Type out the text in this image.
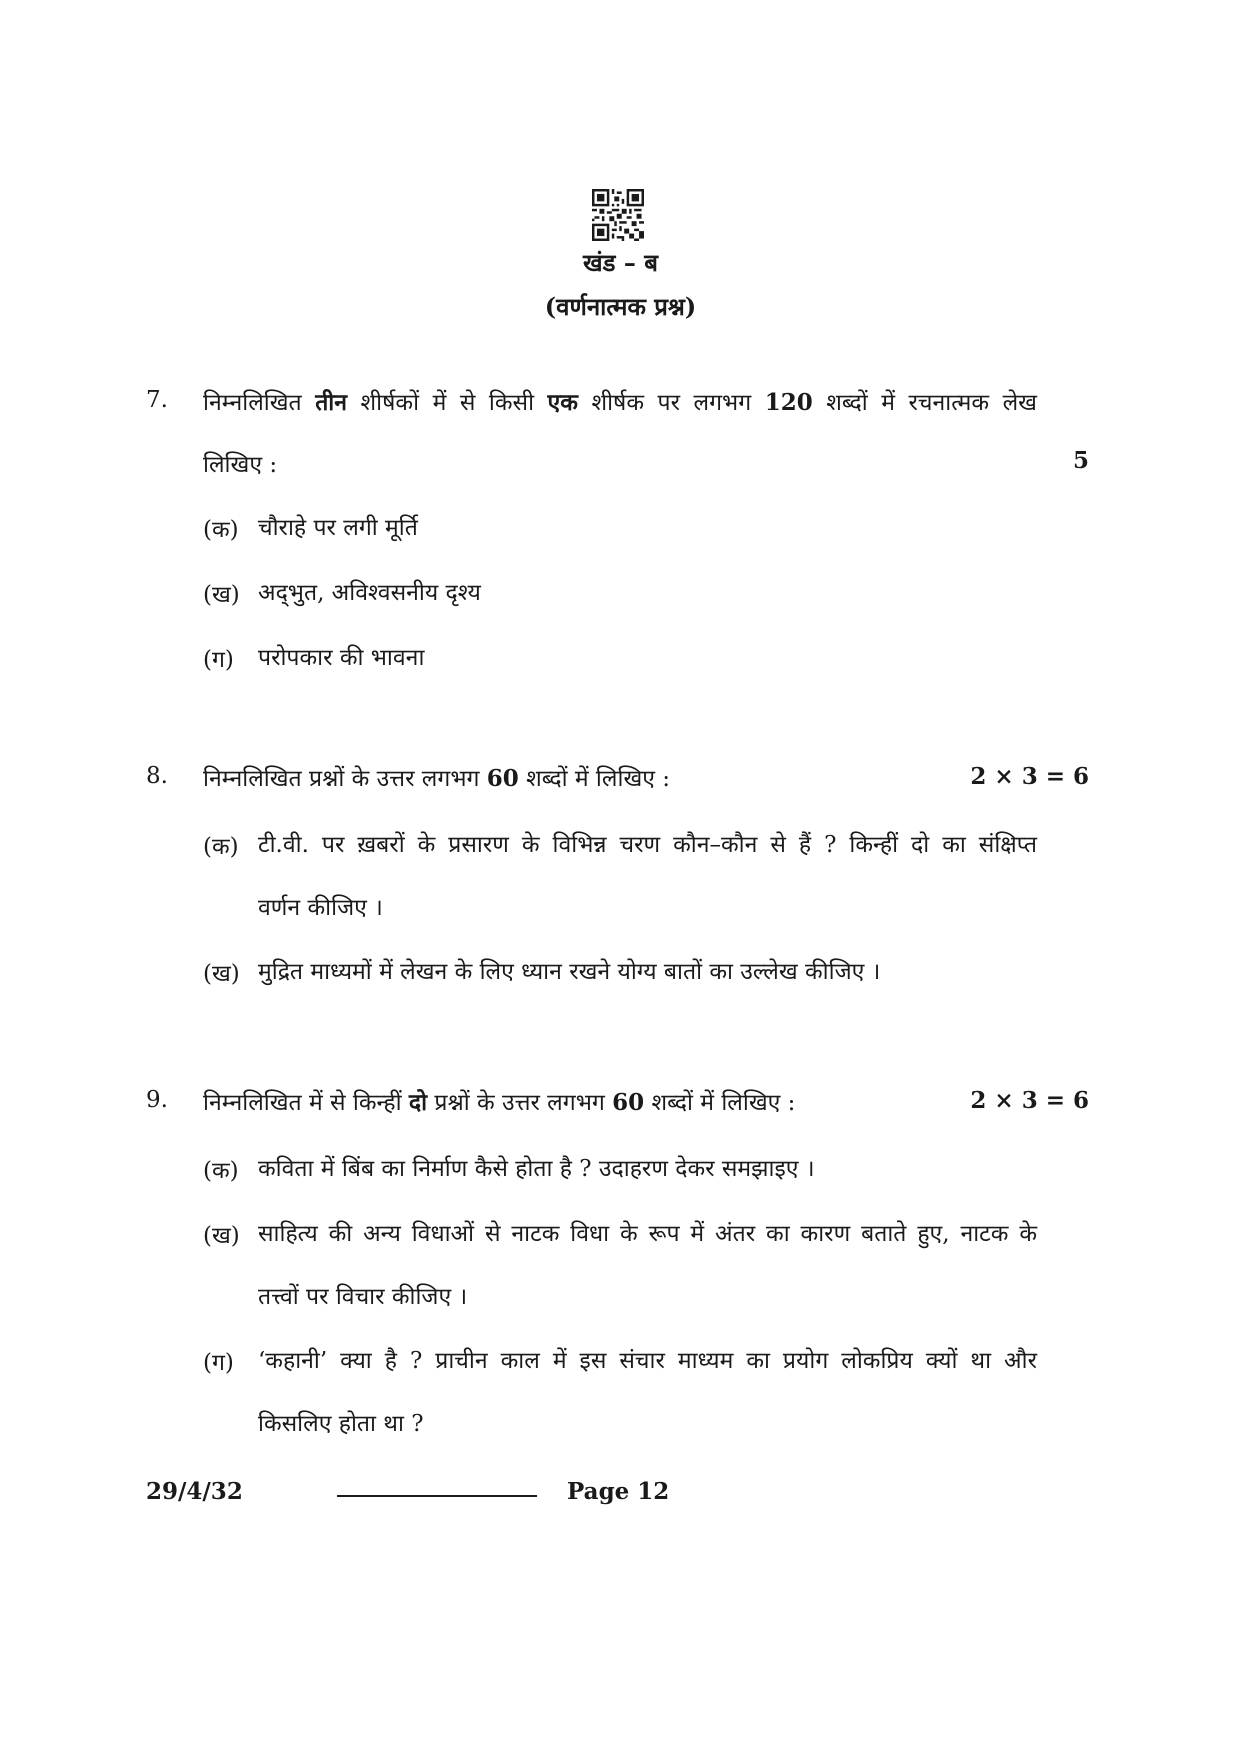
खंड – ब
(वर्णनात्मक प्रश्न)
7. निम्नलिखित तीन शीर्षकों में से किसी एक शीर्षक पर लगभग 120 शब्दों में रचनात्मक लेख
लिखिए :	5
(क) चौराहे पर लगी मूर्ति
(ख) अद्‌भुत, अविश्वसनीय दृश्य
(ग) परोपकार की भावना
8. निम्नलिखित प्रश्नों के उत्तर लगभग 60 शब्दों में लिखिए :	2 × 3 = 6
(क) टी.वी. पर ख़बरों के प्रसारण के विभिन्न चरण कौन–कौन से हैं ? किन्हीं दो का संक्षिप्त
वर्णन कीजिए ।
(ख) मुद्रित माध्यमों में लेखन के लिए ध्यान रखने योग्य बातों का उल्लेख कीजिए ।
9. निम्नलिखित में से किन्हीं दो प्रश्नों के उत्तर लगभग 60 शब्दों में लिखिए :	2 × 3 = 6
(क) कविता में बिंब का निर्माण कैसे होता है ? उदाहरण देकर समझाइए ।
(ख) साहित्य की अन्य विधाओं से नाटक विधा के रूप में अंतर का कारण बताते हुए, नाटक के
तत्त्वों पर विचार कीजिए ।
(ग) ‘कहानी’ क्या है ? प्राचीन काल में इस संचार माध्यम का प्रयोग लोकप्रिय क्यों था और
किसलिए होता था ?
29/4/32	Page 12
